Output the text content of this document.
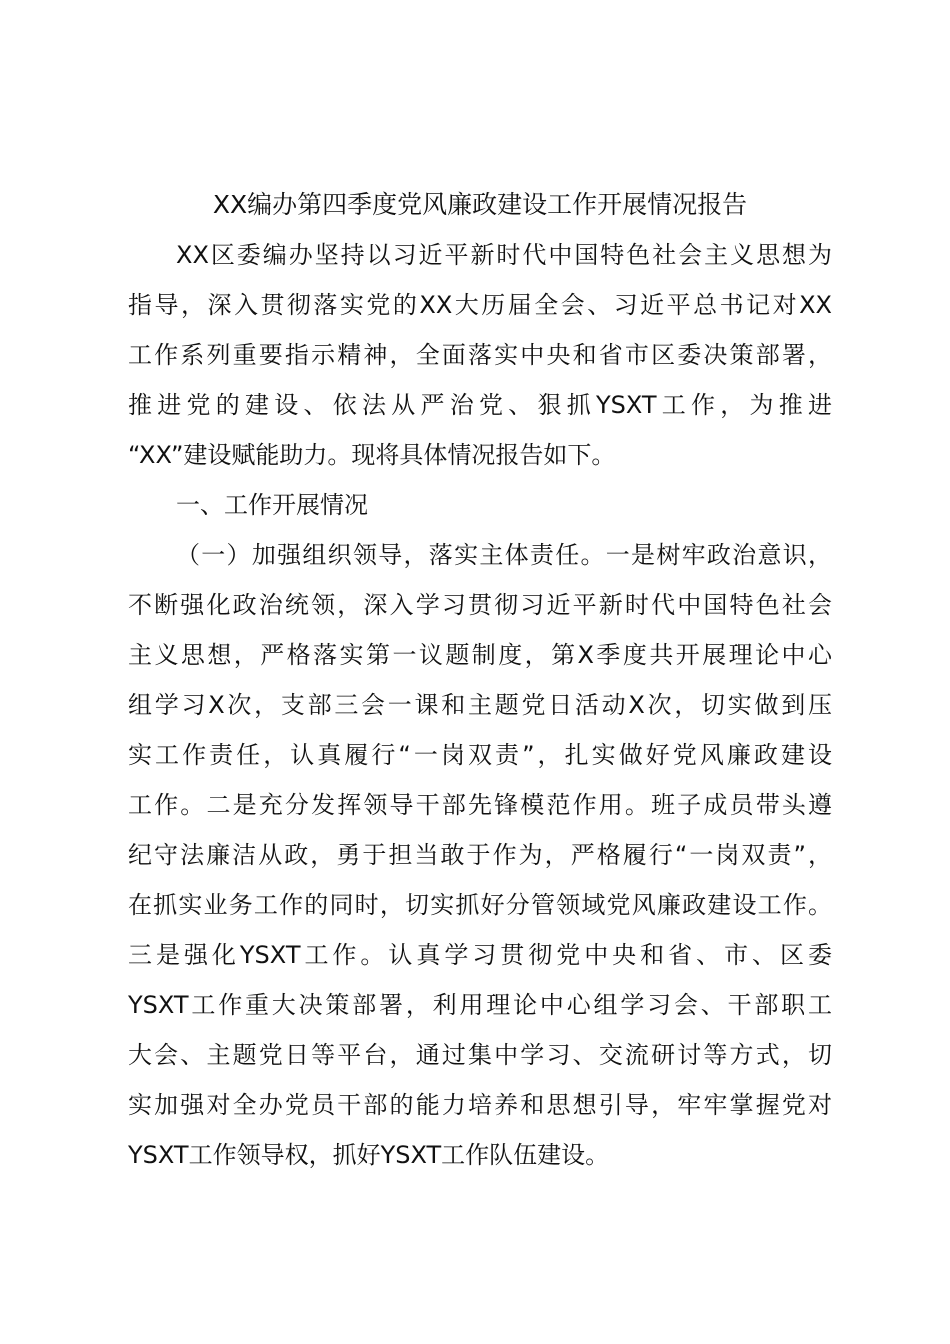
XX编办第四季度党风廉政建设工作开展情况报告
XX区委编办坚持以习近平新时代中国特色社会主义思想为
指导，深入贯彻落实党的XX大历届全会、习近平总书记对XX
工作系列重要指示精神，全面落实中央和省市区委决策部署，
推进党的建设、依法从严治党、狠抓YSXT工作，为推进
“XX”建设赋能助力。现将具体情况报告如下。
一、工作开展情况
（一）加强组织领导，落实主体责任。一是树牢政治意识，
不断强化政治统领，深入学习贯彻习近平新时代中国特色社会
主义思想，严格落实第一议题制度，第X季度共开展理论中心
组学习X次，支部三会一课和主题党日活动X次，切实做到压
实工作责任，认真履行“一岗双责”，扎实做好党风廉政建设
工作。二是充分发挥领导干部先锋模范作用。班子成员带头遵
纪守法廉洁从政，勇于担当敢于作为，严格履行“一岗双责”，
在抓实业务工作的同时，切实抓好分管领域党风廉政建设工作。
三是强化YSXT工作。认真学习贯彻党中央和省、市、区委
YSXT工作重大决策部署，利用理论中心组学习会、干部职工
大会、主题党日等平台，通过集中学习、交流研讨等方式，切
实加强对全办党员干部的能力培养和思想引导，牢牢掌握党对
YSXT工作领导权，抓好YSXT工作队伍建设。
